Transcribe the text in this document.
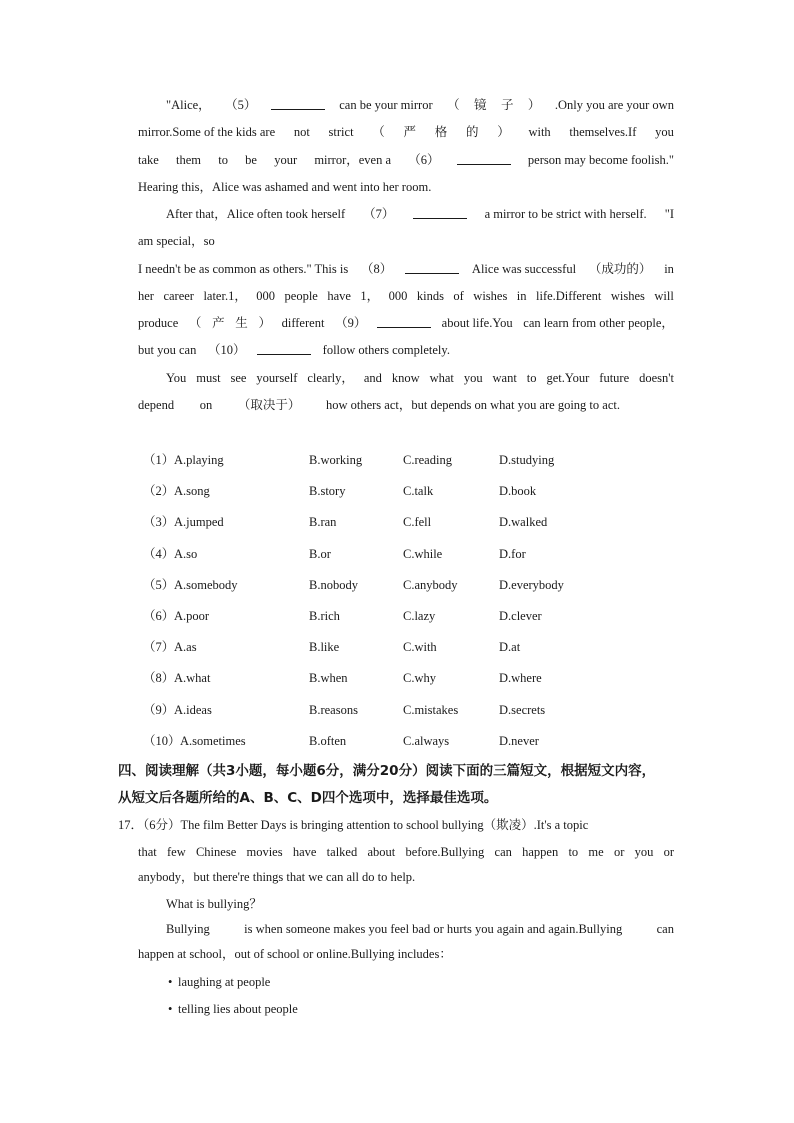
"Alice， （5）	can be your mirror （ 镜 子 ） .Only you are your own
mirror.Some of the kids are not strict （ 严 格 的 ） with themselves.If you
take them to be your mirror，even a （6）	person may become foolish."
Hearing this，Alice was ashamed and went into her room.
After that，Alice often took herself （7）	a mirror to be strict with herself. "I
am special，so
I needn't be as common as others." This is （8）	Alice was successful （成功的） in
her career later.1， 000 people have 1， 000 kinds of wishes in life.Different wishes will
produce （ 产 生 ） different （9）	about life.You can learn from other people，
but you can （10）	follow others completely.
You must see yourself clearly， and know what you want to get.Your future doesn't
depend on （取决于） how others act，but depends on what you are going to act.
（1） A.playing	B.working	C.reading	D.studying
（2） A.song	B.story	C.talk	D.book
（3） A.jumped	B.ran	C.fell	D.walked
（4） A.so	B.or	C.while	D.for
（5） A.somebody	B.nobody	C.anybody	D.everybody
（6） A.poor	B.rich	C.lazy	D.clever
（7） A.as	B.like	C.with	D.at
（8） A.what	B.when	C.why	D.where
（9） A.ideas	B.reasons	C.mistakes	D.secrets
（10） A.sometimes	B.often	C.always	D.never
四、阅读理解（共3小题，每小题6分，满分20分）阅读下面的三篇短文，根据短文内容，
从短文后各题所给的A、B、C、D四个选项中，选择最佳选项。
17．（6分）The film Better Days is bringing attention to school bullying（欺凌）.It's a topic
that few Chinese movies have talked about before.Bullying can happen to me or you or
anybody，but there're things that we can all do to help.
What is bullying？
Bullying	is when someone makes you feel bad or hurts you again and again.Bullying	can
happen at school，out of school or online.Bullying includes：
• laughing at people
• telling lies about people
